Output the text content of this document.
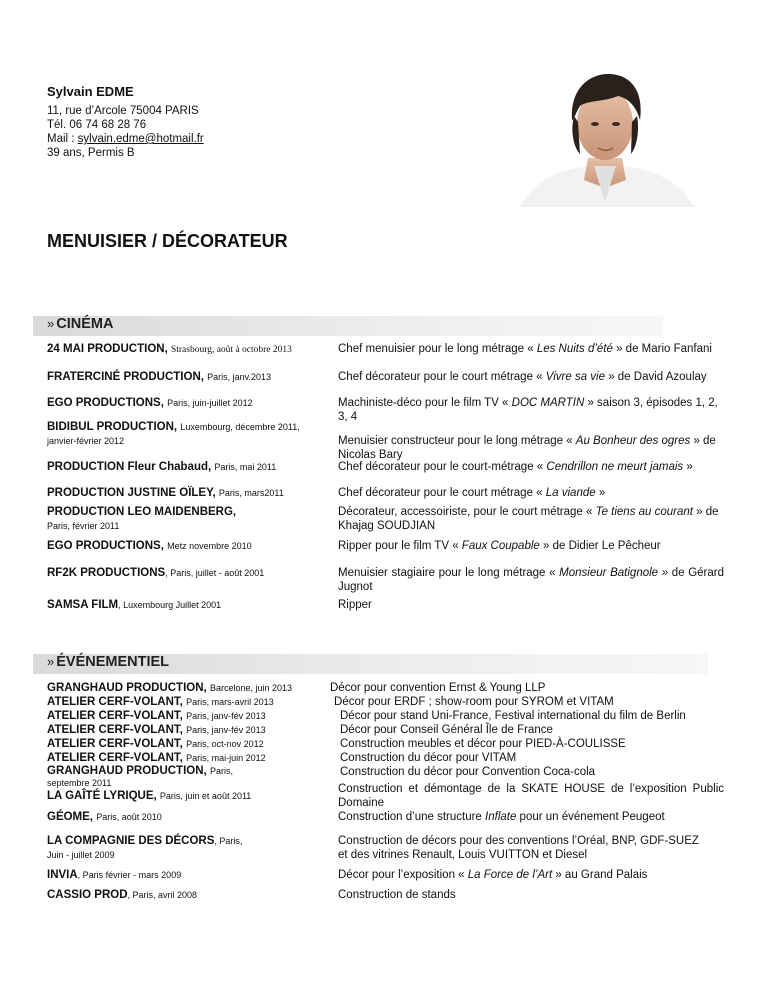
Sylvain EDME
11, rue d’Arcole 75004 PARIS
Tél. 06 74 68 28 76
Mail : sylvain.edme@hotmail.fr
39 ans, Permis B
MENUISIER / DÉCORATEUR
» CINÉMA
24 MAI PRODUCTION, Strasbourg, août à octobre 2013
FRATERCINÉ PRODUCTION, Paris, janv.2013
EGO PRODUCTIONS, Paris, juin-juillet 2012
BIDIBUL PRODUCTION, Luxembourg, décembre 2011,
janvier-février 2012
PRODUCTION Fleur Chabaud, Paris, mai 2011
PRODUCTION JUSTINE OÏLEY, Paris, mars2011
PRODUCTION LEO MAIDENBERG,
Paris, février 2011
EGO PRODUCTIONS, Metz novembre 2010
RF2K PRODUCTIONS, Paris, juillet - août 2001
SAMSA FILM, Luxembourg Juillet 2001
Chef menuisier pour le long métrage « Les Nuits d’été » de Mario Fanfani
Chef décorateur pour le court métrage « Vivre sa vie » de David Azoulay
Machiniste-déco pour le film TV « DOC MARTIN » saison 3, épisodes 1, 2, 3, 4
Menuisier constructeur pour le long métrage « Au Bonheur des ogres » de Nicolas Bary
Chef décorateur pour le court-métrage « Cendrillon ne meurt jamais »
Chef décorateur pour le court métrage « La viande »
Décorateur, accessoiriste, pour le court métrage « Te tiens au courant » de Khajag SOUDJIAN
Ripper pour le film TV « Faux Coupable » de Didier Le Pêcheur
Menuisier stagiaire pour le long métrage « Monsieur Batignole » de Gérard Jugnot
Ripper
» ÉVÉNEMENTIEL
GRANGHAUD PRODUCTION, Barcelone, juin 2013
ATELIER CERF-VOLANT, Paris, mars-avril 2013
ATELIER CERF-VOLANT, Paris, janv-fév 2013
ATELIER CERF-VOLANT, Paris, janv-fév 2013
ATELIER CERF-VOLANT, Paris, oct-nov 2012
ATELIER CERF-VOLANT, Paris, mai-juin 2012
GRANGHAUD PRODUCTION, Paris,
septembre 2011
LA GAÎTÉ LYRIQUE, Paris, juin et août 2011
GÉOME, Paris, août 2010
LA COMPAGNIE DES DÉCORS, Paris,
Juin - juillet 2009
INVIA, Paris février - mars 2009
CASSIO PROD, Paris, avril 2008
Décor pour convention Ernst & Young LLP
Décor pour ERDF ; show-room pour SYROM et VITAM
Décor pour stand Uni-France, Festival international du film de Berlin
Décor pour Conseil Général Île de France
Construction meubles et décor pour PIED-À-COULISSE
Construction du décor pour VITAM
Construction du décor pour Convention Coca-cola
Construction et démontage de la SKATE HOUSE de l’exposition Public Domaine
Construction d’une structure Inflate pour un événement Peugeot
Construction de décors pour des conventions l’Oréal, BNP, GDF-SUEZ et des vitrines Renault, Louis VUITTON et Diesel
Décor pour l’exposition « La Force de l’Art » au Grand Palais
Construction de stands
